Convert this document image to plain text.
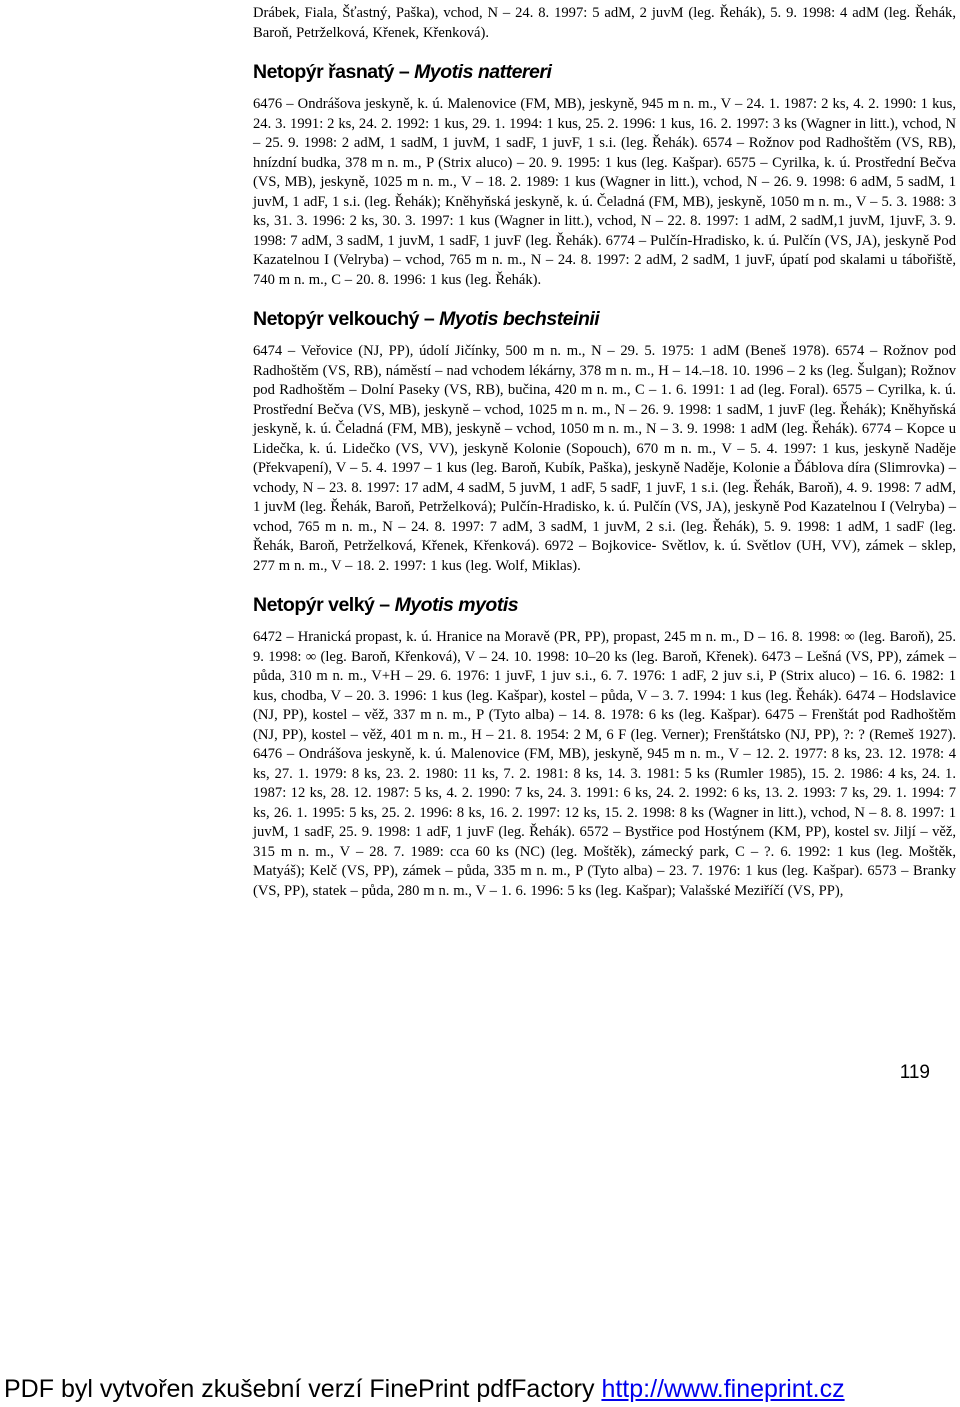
Drábek, Fiala, Šťastný, Paška), vchod, N – 24. 8. 1997: 5 adM, 2 juvM (leg. Řehák), 5. 9. 1998: 4 adM (leg. Řehák, Baroň, Petrželková, Křenek, Křenková).

Netopýr řasnatý – Myotis nattereri

6476 – Ondrášova jeskyně, k. ú. Malenovice (FM, MB), jeskyně, 945 m n. m., V – 24. 1. 1987: 2 ks, 4. 2. 1990: 1 kus, 24. 3. 1991: 2 ks, 24. 2. 1992: 1 kus, 29. 1. 1994: 1 kus, 25. 2. 1996: 1 kus, 16. 2. 1997: 3 ks (Wagner in litt.), vchod, N – 25. 9. 1998: 2 adM, 1 sadM, 1 juvM, 1 sadF, 1 juvF, 1 s.i. (leg. Řehák). 6574 – Rožnov pod Radhoštěm (VS, RB), hnízdní budka, 378 m n. m., P (Strix aluco) – 20. 9. 1995: 1 kus (leg. Kašpar). 6575 – Cyrilka, k. ú. Prostřední Bečva (VS, MB), jeskyně, 1025 m n. m., V – 18. 2. 1989: 1 kus (Wagner in litt.), vchod, N – 26. 9. 1998: 6 adM, 5 sadM, 1 juvM, 1 adF, 1 s.i. (leg. Řehák); Kněhyňská jeskyně, k. ú. Čeladná (FM, MB), jeskyně, 1050 m n. m., V – 5. 3. 1988: 3 ks, 31. 3. 1996: 2 ks, 30. 3. 1997: 1 kus (Wagner in litt.), vchod, N – 22. 8. 1997: 1 adM, 2 sadM,1 juvM, 1juvF, 3. 9. 1998: 7 adM, 3 sadM, 1 juvM, 1 sadF, 1 juvF (leg. Řehák). 6774 – Pulčín-Hradisko, k. ú. Pulčín (VS, JA), jeskyně Pod Kazatelnou I (Velryba) – vchod, 765 m n. m., N – 24. 8. 1997: 2 adM, 2 sadM, 1 juvF, úpatí pod skalami u tábořiště, 740 m n. m., C – 20. 8. 1996: 1 kus (leg. Řehák).

Netopýr velkouchý – Myotis bechsteinii

6474 – Veřovice (NJ, PP), údolí Jičínky, 500 m n. m., N – 29. 5. 1975: 1 adM (Beneš 1978). 6574 – Rožnov pod Radhoštěm (VS, RB), náměstí – nad vchodem lékárny, 378 m n. m., H – 14.–18. 10. 1996 – 2 ks (leg. Šulgan); Rožnov pod Radhoštěm – Dolní Paseky (VS, RB), bučina, 420 m n. m., C – 1. 6. 1991: 1 ad (leg. Foral). 6575 – Cyrilka, k. ú. Prostřední Bečva (VS, MB), jeskyně – vchod, 1025 m n. m., N – 26. 9. 1998: 1 sadM, 1 juvF (leg. Řehák); Kněhyňská jeskyně, k. ú. Čeladná (FM, MB), jeskyně – vchod, 1050 m n. m., N – 3. 9. 1998: 1 adM (leg. Řehák). 6774 – Kopce u Lidečka, k. ú. Lidečko (VS, VV), jeskyně Kolonie (Sopouch), 670 m n. m., V – 5. 4. 1997: 1 kus, jeskyně Naděje (Překvapení), V – 5. 4. 1997 – 1 kus (leg. Baroň, Kubík, Paška), jeskyně Naděje, Kolonie a Ďáblova díra (Slimrovka) – vchody, N – 23. 8. 1997: 17 adM, 4 sadM, 5 juvM, 1 adF, 5 sadF, 1 juvF, 1 s.i. (leg. Řehák, Baroň), 4. 9. 1998: 7 adM, 1 juvM (leg. Řehák, Baroň, Petrželková); Pulčín-Hradisko, k. ú. Pulčín (VS, JA), jeskyně Pod Kazatelnou I (Velryba) – vchod, 765 m n. m., N – 24. 8. 1997: 7 adM, 3 sadM, 1 juvM, 2 s.i. (leg. Řehák), 5. 9. 1998: 1 adM, 1 sadF (leg. Řehák, Baroň, Petrželková, Křenek, Křenková). 6972 – Bojkovice- Světlov, k. ú. Světlov (UH, VV), zámek – sklep, 277 m n. m., V – 18. 2. 1997: 1 kus (leg. Wolf, Miklas).

Netopýr velký – Myotis myotis

6472 – Hranická propast, k. ú. Hranice na Moravě (PR, PP), propast, 245 m n. m., D – 16. 8. 1998: ∞ (leg. Baroň), 25. 9. 1998: ∞ (leg. Baroň, Křenková), V – 24. 10. 1998: 10–20 ks (leg. Baroň, Křenek). 6473 – Lešná (VS, PP), zámek – půda, 310 m n. m., V+H – 29. 6. 1976: 1 juvF, 1 juv s.i., 6. 7. 1976: 1 adF, 2 juv s.i, P (Strix aluco) – 16. 6. 1982: 1 kus, chodba, V – 20. 3. 1996: 1 kus (leg. Kašpar), kostel – půda, V – 3. 7. 1994: 1 kus (leg. Řehák). 6474 – Hodslavice (NJ, PP), kostel – věž, 337 m n. m., P (Tyto alba) – 14. 8. 1978: 6 ks (leg. Kašpar). 6475 – Frenštát pod Radhoštěm (NJ, PP), kostel – věž, 401 m n. m., H – 21. 8. 1954: 2 M, 6 F (leg. Verner); Frenštátsko (NJ, PP), ?: ? (Remeš 1927). 6476 – Ondrášova jeskyně, k. ú. Malenovice (FM, MB), jeskyně, 945 m n. m., V – 12. 2. 1977: 8 ks, 23. 12. 1978: 4 ks, 27. 1. 1979: 8 ks, 23. 2. 1980: 11 ks, 7. 2. 1981: 8 ks, 14. 3. 1981: 5 ks (Rumler 1985), 15. 2. 1986: 4 ks, 24. 1. 1987: 12 ks, 28. 12. 1987: 5 ks, 4. 2. 1990: 7 ks, 24. 3. 1991: 6 ks, 24. 2. 1992: 6 ks, 13. 2. 1993: 7 ks, 29. 1. 1994: 7 ks, 26. 1. 1995: 5 ks, 25. 2. 1996: 8 ks, 16. 2. 1997: 12 ks, 15. 2. 1998: 8 ks (Wagner in litt.), vchod, N – 8. 8. 1997: 1 juvM, 1 sadF, 25. 9. 1998: 1 adF, 1 juvF (leg. Řehák). 6572 – Bystřice pod Hostýnem (KM, PP), kostel sv. Jiljí – věž, 315 m n. m., V – 28. 7. 1989: cca 60 ks (NC) (leg. Moštěk), zámecký park, C – ?. 6. 1992: 1 kus (leg. Moštěk, Matyáš); Kelč (VS, PP), zámek – půda, 335 m n. m., P (Tyto alba) – 23. 7. 1976: 1 kus (leg. Kašpar). 6573 – Branky (VS, PP), statek – půda, 280 m n. m., V – 1. 6. 1996: 5 ks (leg. Kašpar); Valašské Meziříčí (VS, PP),

119
PDF byl vytvořen zkušební verzí FinePrint pdfFactory http://www.fineprint.cz
